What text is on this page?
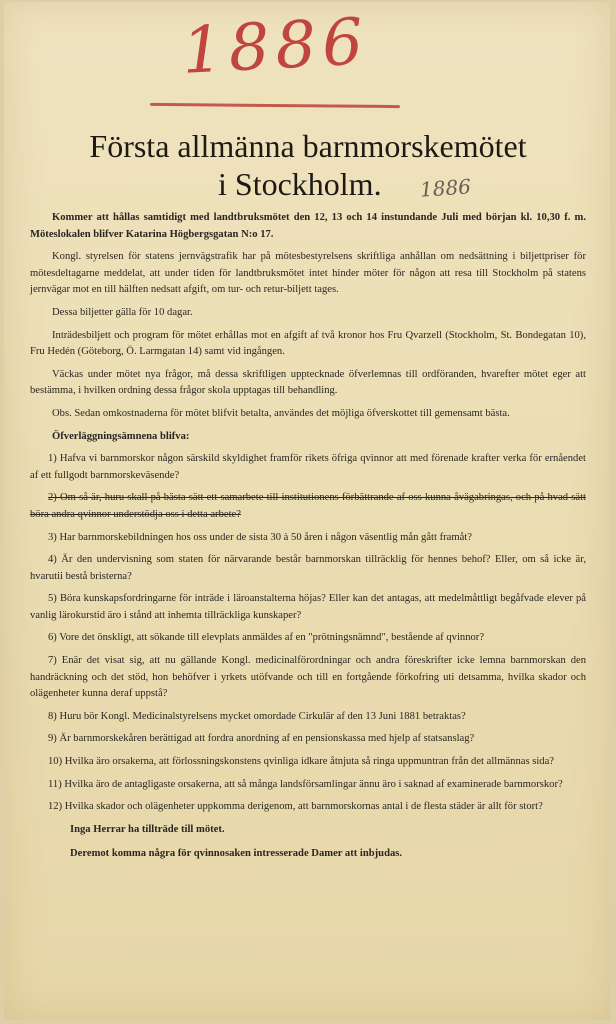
1886
Första allmänna barnmorskemötet
i Stockholm. 1886

Kommer att hållas samtidigt med landtbruksmötet den 12, 13 och 14 instundande Juli med början kl. 10,30 f. m. Möteslokalen blifver Katarina Högbergsgatan N:o 17.

Kongl. styrelsen för statens jernvägstrafik har på mötesbestyrelsens skriftliga anhållan om nedsättning i biljettpriser för mötesdeltagarne meddelat, att under tiden för landtbruksmötet intet hinder möter för någon att resa till Stockholm på statens jernvägar mot en till hälften nedsatt afgift, om tur- och retur-biljett tages.

Dessa biljetter gälla för 10 dagar.

Inträdesbiljett och program för mötet erhållas mot en afgift af två kronor hos Fru Qvarzell (Stockholm, St. Bondegatan 10), Fru Hedén (Göteborg, Ö. Larmgatan 14) samt vid ingången.

Väckas under mötet nya frågor, må dessa skriftligen upptecknade öfverlemnas till ordföranden, hvarefter mötet eger att bestämma, i hvilken ordning dessa frågor skola upptagas till behandling.

Obs. Sedan omkostnaderna för mötet blifvit betalta, användes det möjliga öfverskottet till gemensamt bästa.

Öfverläggningsämnena blifva:

1) Hafva vi barnmorskor någon särskild skyldighet framför rikets öfriga qvinnor att med förenade krafter verka för ernåendet af ett fullgodt barnmorskeväsende?
2) Om så är, huru skall på bästa sätt ett samarbete till institutionens förbättrande af oss kunna åvägabringas, och på hvad sätt böra andra qvinnor understödja oss i detta arbete?
3) Har barnmorskebildningen hos oss under de sista 30 à 50 åren i någon väsentlig mån gått framåt?
4) Är den undervisning som staten för närvarande består barnmorskan tillräcklig för hennes behof? Eller, om så icke är, hvarutii bestå bristerna?
5) Böra kunskapsfordringarne för inträde i läroanstalterna höjas? Eller kan det antagas, att medelmåttligt begåfvade elever på vanlig lärokurstid äro i stånd att inhemta tillräckliga kunskaper?
6) Vore det önskligt, att sökande till elevplats anmäldes af en "prötningsnämnd", bestående af qvinnor?
7) Enär det visat sig, att nu gällande Kongl. medicinalförordningar och andra föreskrifter icke lemna barnmorskan den handräckning och det stöd, hon behöfver i yrkets utöfvande och till en fortgående förkofring uti detsamma, hvilka skador och olägenheter kunna deraf uppstå?
8) Huru bör Kongl. Medicinalstyrelsens mycket omordade Cirkulär af den 13 Juni 1881 betraktas?
9) Är barnmorskekåren berättigad att fordra anordning af en pensionskassa med hjelp af statsanslag?
10) Hvilka äro orsakerna, att förlossningskonstens qvinliga idkare åtnjuta så ringa uppmuntran från det allmännas sida?
11) Hvilka äro de antagligaste orsakerna, att så många landsförsamlingar ännu äro i saknad af examinerade barnmorskor?
12) Hvilka skador och olägenheter uppkomma derigenom, att barnmorskornas antal i de flesta städer är allt för stort?

Inga Herrar ha tillträde till mötet.

Deremot komma några för qvinnosaken intresserade Damer att inbjudas.
